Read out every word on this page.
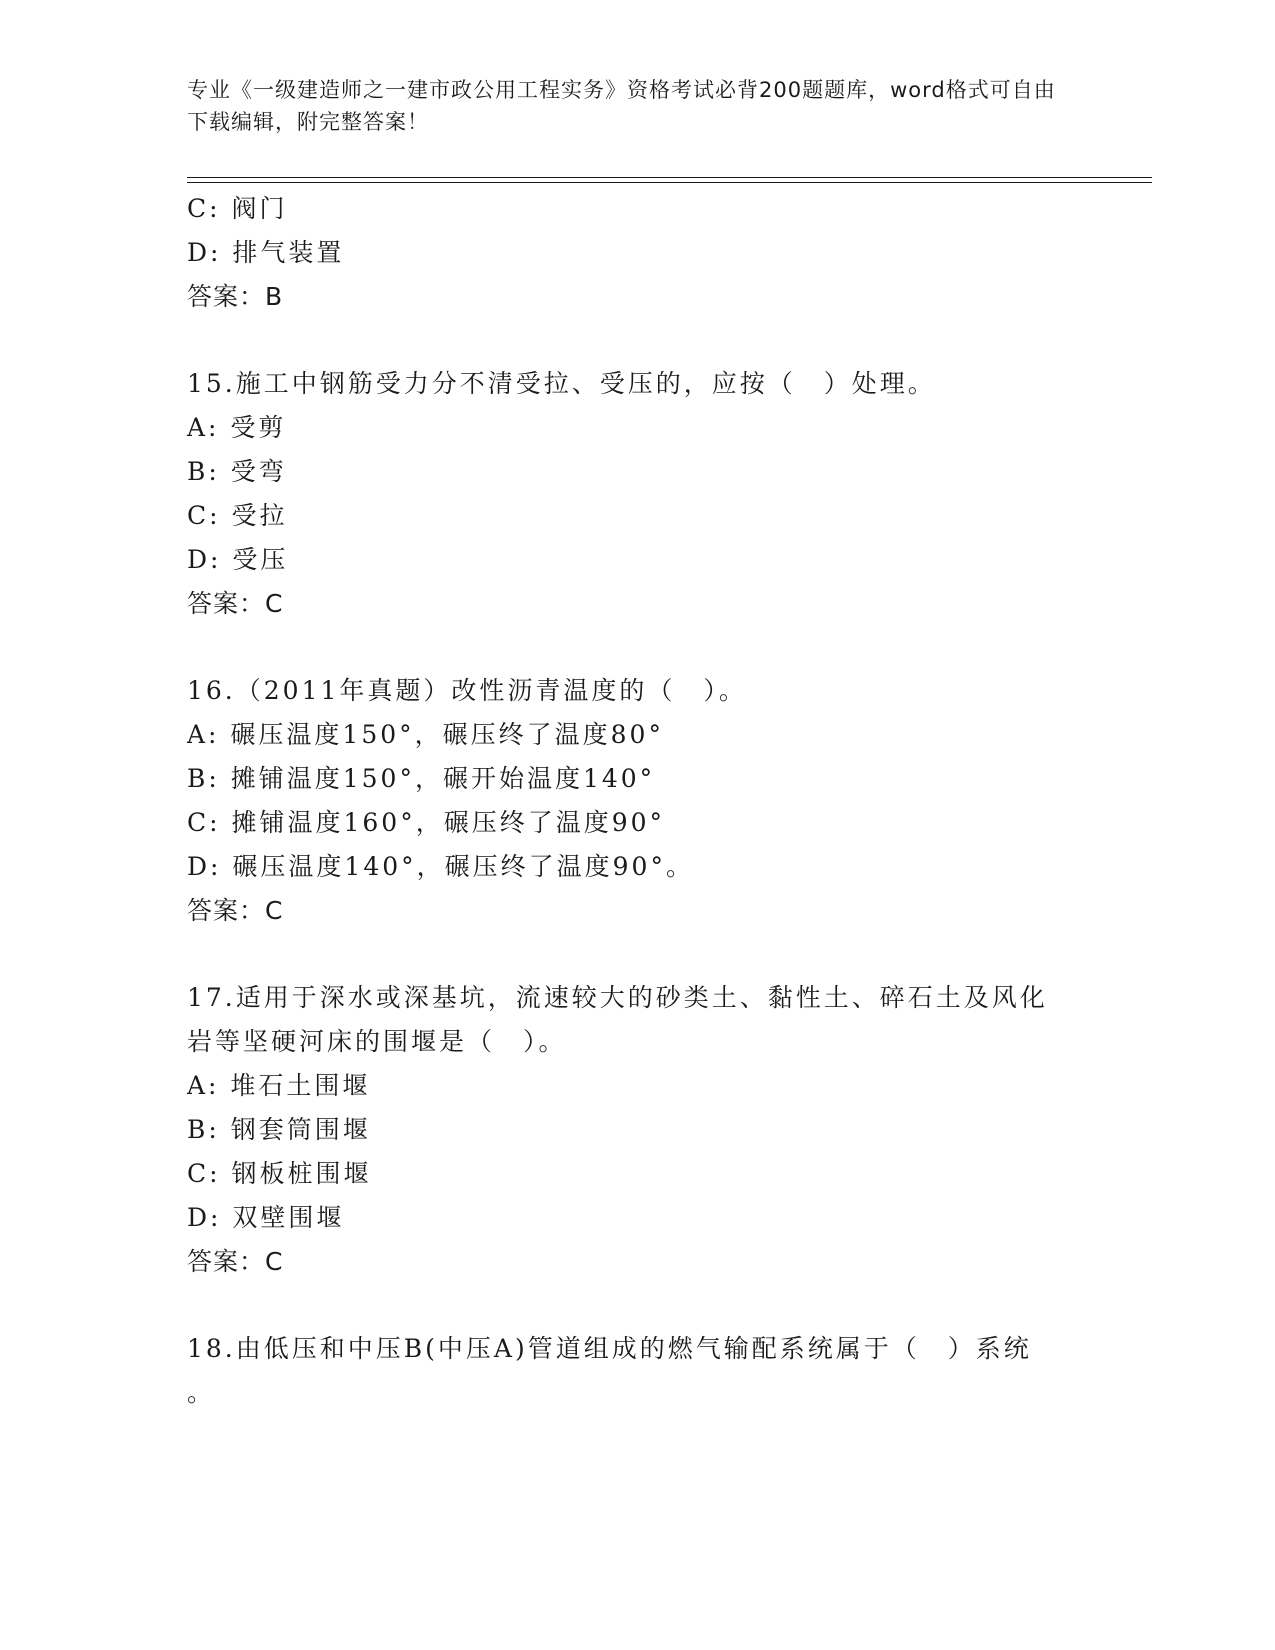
专业《一级建造师之一建市政公用工程实务》资格考试必背200题题库，word格式可自由下载编辑，附完整答案！
C: 阀门
D: 排气装置
答案：B
15.施工中钢筋受力分不清受拉、受压的，应按（　）处理。
A: 受剪
B: 受弯
C: 受拉
D: 受压
答案：C
16.（2011年真题）改性沥青温度的（　）。
A: 碾压温度150°，碾压终了温度80°
B: 摊铺温度150°，碾开始温度140°
C: 摊铺温度160°，碾压终了温度90°
D: 碾压温度140°，碾压终了温度90°。
答案：C
17.适用于深水或深基坑，流速较大的砂类土、黏性土、碎石土及风化
岩等坚硬河床的围堰是（　）。
A: 堆石土围堰
B: 钢套筒围堰
C: 钢板桩围堰
D: 双壁围堰
答案：C
18.由低压和中压B(中压A)管道组成的燃气输配系统属于（　）系统
。
